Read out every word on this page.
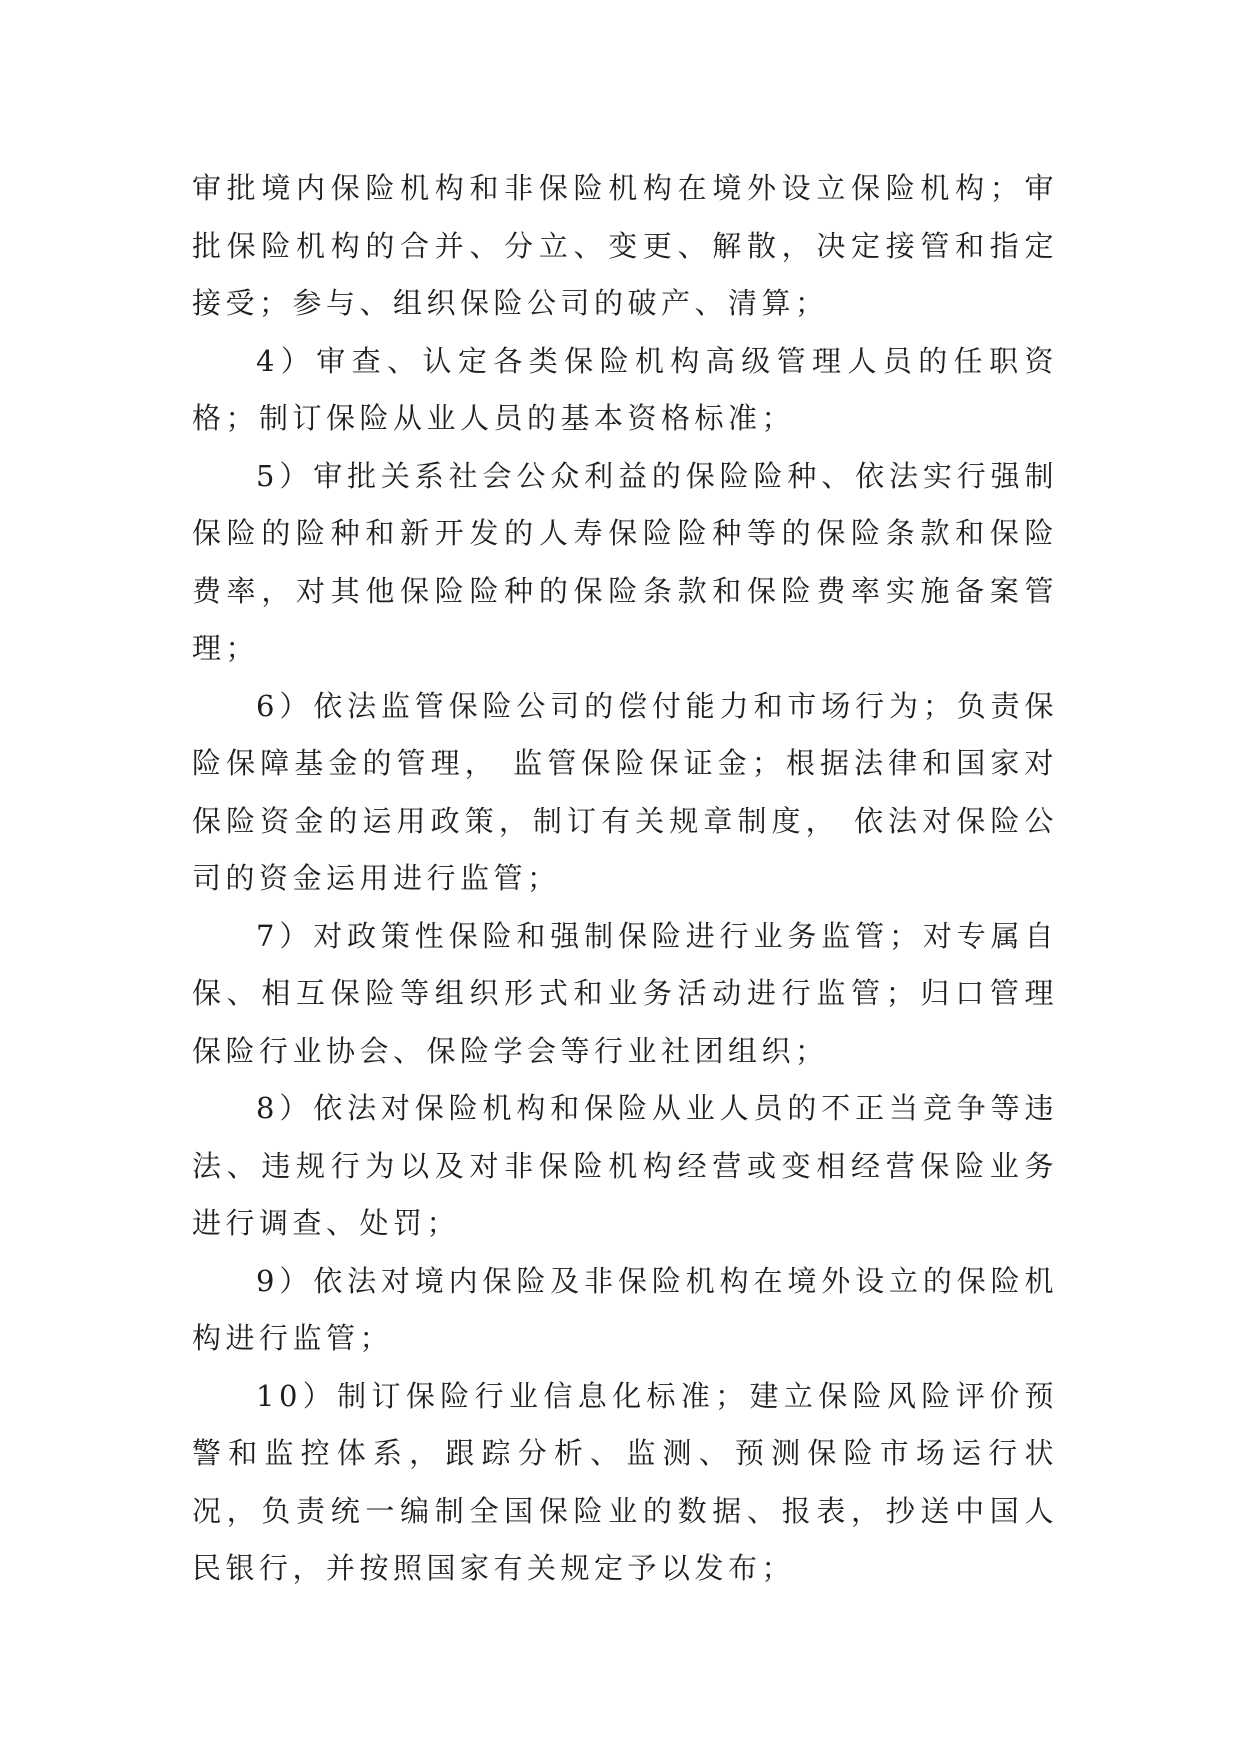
审批境内保险机构和非保险机构在境外设立保险机构；审批保险机构的合并、分立、变更、解散，决定接管和指定接受；参与、组织保险公司的破产、清算；

4）审查、认定各类保险机构高级管理人员的任职资格；制订保险从业人员的基本资格标准；

5）审批关系社会公众利益的保险险种、依法实行强制保险的险种和新开发的人寿保险险种等的保险条款和保险费率，对其他保险险种的保险条款和保险费率实施备案管理；

6）依法监管保险公司的偿付能力和市场行为；负责保险保障基金的管理， 监管保险保证金；根据法律和国家对保险资金的运用政策，制订有关规章制度， 依法对保险公司的资金运用进行监管；

7）对政策性保险和强制保险进行业务监管；对专属自保、相互保险等组织形式和业务活动进行监管；归口管理保险行业协会、保险学会等行业社团组织；

8）依法对保险机构和保险从业人员的不正当竞争等违法、违规行为以及对非保险机构经营或变相经营保险业务进行调查、处罚；

9）依法对境内保险及非保险机构在境外设立的保险机构进行监管；

10）制订保险行业信息化标准；建立保险风险评价预警和监控体系，跟踪分析、监测、预测保险市场运行状况，负责统一编制全国保险业的数据、报表，抄送中国人民银行，并按照国家有关规定予以发布；
